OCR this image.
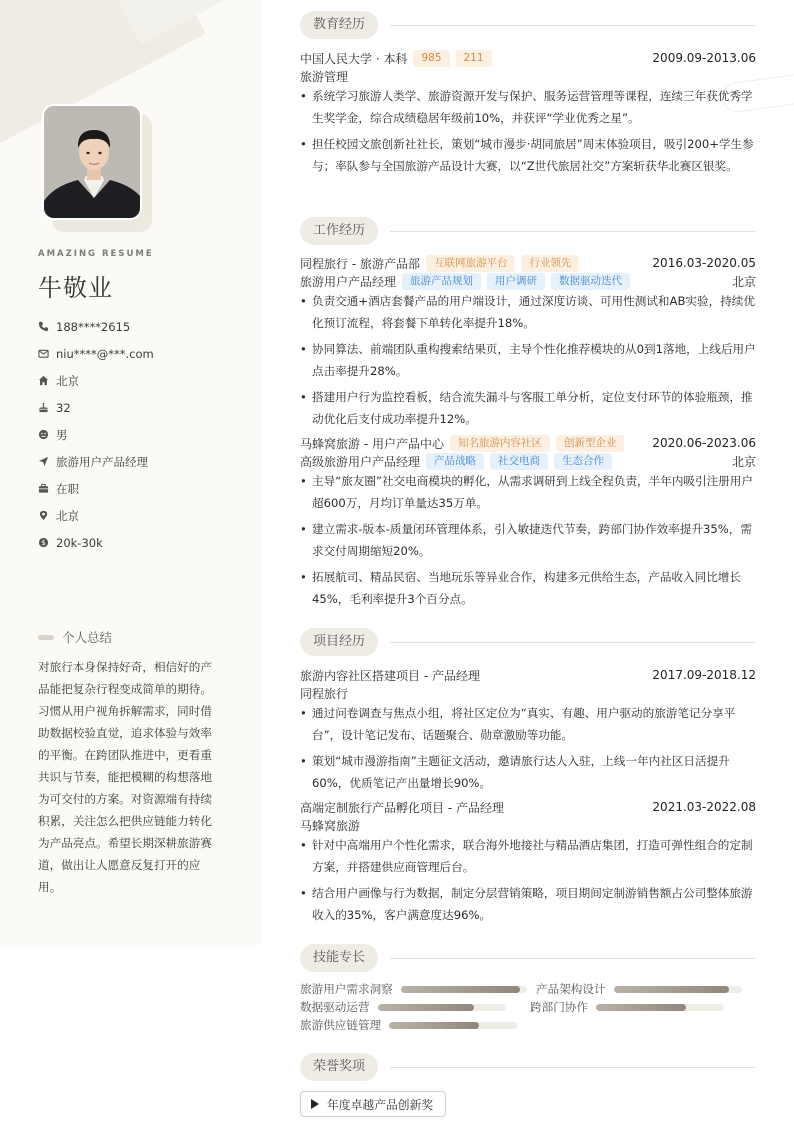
AMAZING RESUME
牛敬业
188****2615
niu****@***.com
北京
32
男
旅游用户产品经理
在职
北京
$ 20k-30k
个人总结
对旅行本身保持好奇，相信好的产品能把复杂行程变成简单的期待。习惯从用户视角拆解需求，同时借助数据校验直觉，追求体验与效率的平衡。在跨团队推进中，更看重共识与节奏，能把模糊的构想落地为可交付的方案。对资源端有持续积累，关注怎么把供应链能力转化为产品亮点。希望长期深耕旅游赛道，做出让人愿意反复打开的应用。
教育经历
中国人民大学 · 本科	985	211	2009.09-2013.06
旅游管理
• 系统学习旅游人类学、旅游资源开发与保护、服务运营管理等课程，连续三年获优秀学生奖学金，综合成绩稳居年级前10%，并获评“学业优秀之星”。
• 担任校园文旅创新社社长，策划“城市漫步·胡同旅居”周末体验项目，吸引200+学生参与；率队参与全国旅游产品设计大赛，以“Z世代旅居社交”方案斩获华北赛区银奖。
工作经历
同程旅行 - 旅游产品部	互联网旅游平台	行业领先	2016.03-2020.05
旅游用户产品经理	旅游产品规划	用户调研	数据驱动迭代	北京
• 负责交通+酒店套餐产品的用户端设计，通过深度访谈、可用性测试和AB实验，持续优化预订流程，将套餐下单转化率提升18%。
• 协同算法、前端团队重构搜索结果页，主导个性化推荐模块的从0到1落地，上线后用户点击率提升28%。
• 搭建用户行为监控看板，结合流失漏斗与客服工单分析，定位支付环节的体验瓶颈，推动优化后支付成功率提升12%。
马蜂窝旅游 - 用户产品中心	知名旅游内容社区	创新型企业	2020.06-2023.06
高级旅游用户产品经理	产品战略	社交电商	生态合作	北京
• 主导“旅友圈”社交电商模块的孵化，从需求调研到上线全程负责，半年内吸引注册用户超600万，月均订单量达35万单。
• 建立需求-版本-质量闭环管理体系，引入敏捷迭代节奏，跨部门协作效率提升35%，需求交付周期缩短20%。
• 拓展航司、精品民宿、当地玩乐等异业合作，构建多元供给生态，产品收入同比增长45%，毛利率提升3个百分点。
项目经历
旅游内容社区搭建项目 - 产品经理	2017.09-2018.12
同程旅行
• 通过问卷调查与焦点小组，将社区定位为“真实、有趣、用户驱动的旅游笔记分享平台”，设计笔记发布、话题聚合、勋章激励等功能。
• 策划“城市漫游指南”主题征文活动，邀请旅行达人入驻，上线一年内社区日活提升60%，优质笔记产出量增长90%。
高端定制旅行产品孵化项目 - 产品经理	2021.03-2022.08
马蜂窝旅游
• 针对中高端用户个性化需求，联合海外地接社与精品酒店集团，打造可弹性组合的定制方案，并搭建供应商管理后台。
• 结合用户画像与行为数据，制定分层营销策略，项目期间定制游销售额占公司整体旅游收入的35%，客户满意度达96%。
技能专长
旅游用户需求洞察	产品架构设计
数据驱动运营	跨部门协作
旅游供应链管理
荣誉奖项
年度卓越产品创新奖
